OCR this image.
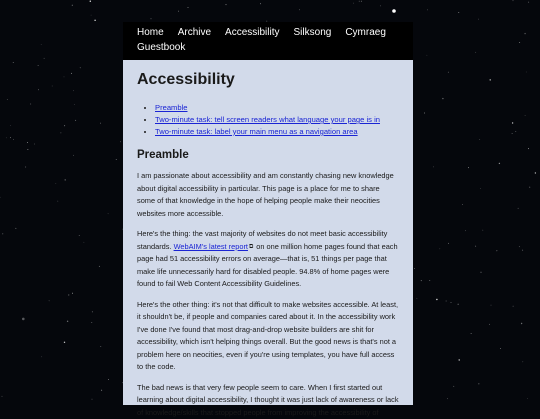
Home Archive Accessibility Silksong Cymraeg
Guestbook
Accessibility
• Preamble
• Two-minute task: tell screen readers what language your page is in
• Two-minute task: label your main menu as a navigation area
Preamble

I am passionate about accessibility and am constantly chasing new knowledge about digital accessibility in particular. This page is a place for me to share some of that knowledge in the hope of helping people make their neocities websites more accessible.

Here's the thing: the vast majority of websites do not meet basic accessibility standards. WebAIM's latest report⧉ on one million home pages found that each page had 51 accessibility errors on average—that is, 51 things per page that make life unnecessarily hard for disabled people. 94.8% of home pages were found to fail Web Content Accessibility Guidelines.

Here's the other thing: it's not that difficult to make websites accessible. At least, it shouldn't be, if people and companies cared about it. In the accessibility work I've done I've found that most drag-and-drop website builders are shit for accessibility, which isn't helping things overall. But the good news is that's not a problem here on neocities, even if you're using templates, you have full access to the code.

The bad news is that very few people seem to care. When I first started out learning about digital accessibility, I thought it was just lack of awareness or lack of knowledge/skills that stopped people from improving the accessibility of
